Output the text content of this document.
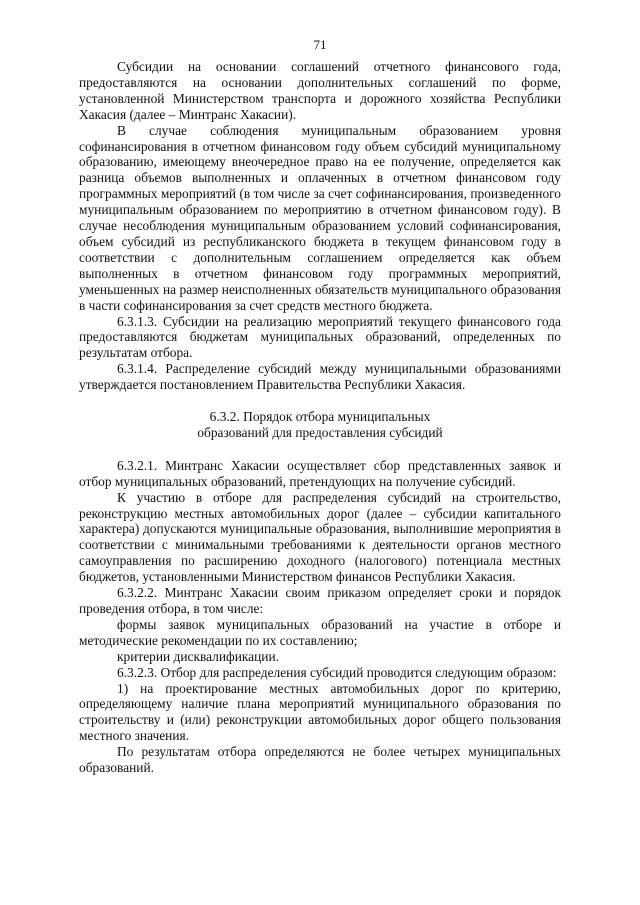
71

Субсидии на основании соглашений отчетного финансового года, предоставляются на основании дополнительных соглашений по форме, установленной Министерством транспорта и дорожного хозяйства Республики Хакасия (далее – Минтранс Хакасии).

В случае соблюдения муниципальным образованием уровня софинансирования в отчетном финансовом году объем субсидий муниципальному образованию, имеющему внеочередное право на ее получение, определяется как разница объемов выполненных и оплаченных в отчетном финансовом году программных мероприятий (в том числе за счет софинансирования, произведенного муниципальным образованием по мероприятию в отчетном финансовом году). В случае несоблюдения муниципальным образованием условий софинансирования, объем субсидий из республиканского бюджета в текущем финансовом году в соответствии с дополнительным соглашением определяется как объем выполненных в отчетном финансовом году программных мероприятий, уменьшенных на размер неисполненных обязательств муниципального образования в части софинансирования за счет средств местного бюджета.

6.3.1.3. Субсидии на реализацию мероприятий текущего финансового года предоставляются бюджетам муниципальных образований, определенных по результатам отбора.

6.3.1.4. Распределение субсидий между муниципальными образованиями утверждается постановлением Правительства Республики Хакасия.

6.3.2. Порядок отбора муниципальных

образований для предоставления субсидий

6.3.2.1. Минтранс Хакасии осуществляет сбор представленных заявок и отбор муниципальных образований, претендующих на получение субсидий.

К участию в отборе для распределения субсидий на строительство, реконструкцию местных автомобильных дорог (далее – субсидии капитального характера) допускаются муниципальные образования, выполнившие мероприятия в соответствии с минимальными требованиями к деятельности органов местного самоуправления по расширению доходного (налогового) потенциала местных бюджетов, установленными Министерством финансов Республики Хакасия.

6.3.2.2. Минтранс Хакасии своим приказом определяет сроки и порядок проведения отбора, в том числе:

формы заявок муниципальных образований на участие в отборе и методические рекомендации по их составлению;

критерии дисквалификации.

6.3.2.3. Отбор для распределения субсидий проводится следующим образом:

1) на проектирование местных автомобильных дорог по критерию, определяющему наличие плана мероприятий муниципального образования по строительству и (или) реконструкции автомобильных дорог общего пользования местного значения.

По результатам отбора определяются не более четырех муниципальных образований.
